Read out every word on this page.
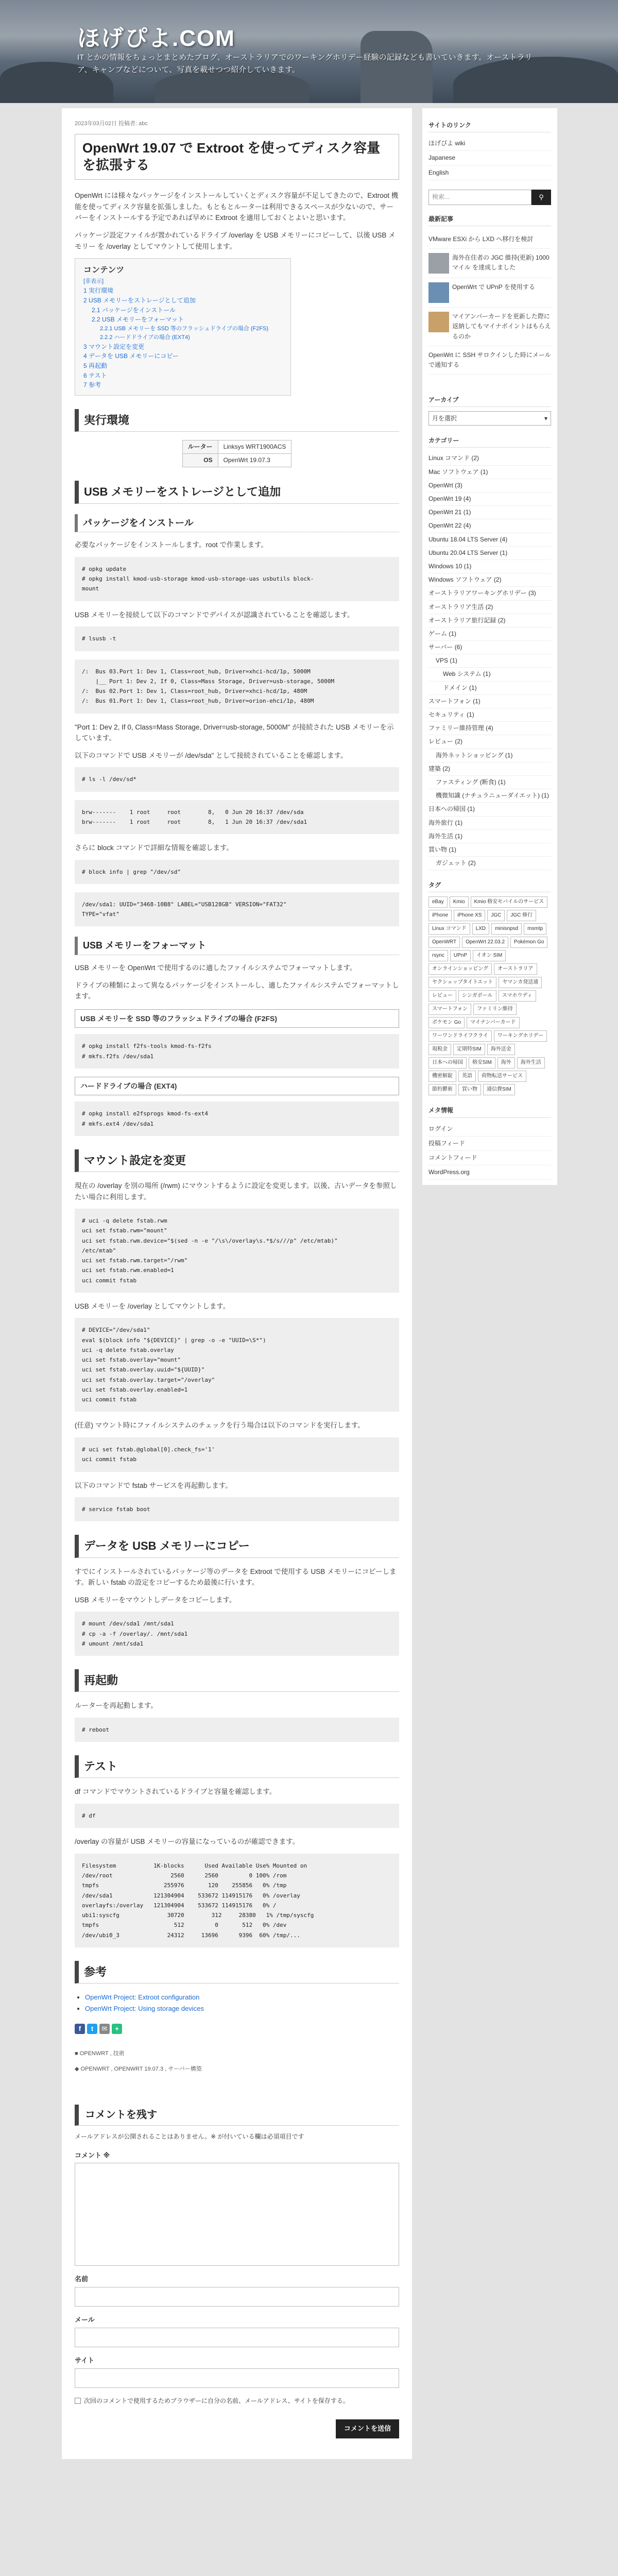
ほげぴよ.COM
IT とかの情報をちょっとまとめたブログ、オーストラリアでのワーキングホリデー経験の記録なども書いていきます。オーストラリア、キャンプなどについて、写真を載せつつ紹介していきます。
2023年03月02日 投稿者: abc
OpenWrt 19.07 で Extroot を使ってディスク容量を拡張する

OpenWrt には様々なパッケージをインストールしていくとディスク容量が不足してきたので、Extroot 機能を使ってディスク容量を拡張しました。もともとルーターは利用できるスペースが少ないので、サーバーをインストールする予定であれば早めに Extroot を適用しておくとよいと思います。

パッケージ設定ファイルが置かれているドライブ /overlay を USB メモリーにコピーして、以後 USB メモリー を /overlay としてマウントして使用します。

コンテンツ
[非表示]
1 実行環境
2 USB メモリーをストレージとして追加
2.1 パッケージをインストール
2.2 USB メモリーをフォーマット
2.2.1 USB メモリーを SSD 等のフラッシュドライブの場合 (F2FS)
2.2.2 ハードドライブの場合 (EXT4)
3 マウント設定を変更
4 データを USB メモリーにコピー
5 再起動
6 テスト
7 参考
実行環境
ルーター	Linksys WRT1900ACS
OS	OpenWrt 19.07.3
USB メモリーをストレージとして追加
パッケージをインストール

必要なパッケージをインストールします。root で作業します。

# opkg update
# opkg install kmod-usb-storage kmod-usb-storage-uas usbutils block-
mount

USB メモリーを接続して以下のコマンドでデバイスが認識されていることを確認します。

# lsusb -t
/:  Bus 03.Port 1: Dev 1, Class=root_hub, Driver=xhci-hcd/1p, 5000M
|__ Port 1: Dev 2, If 0, Class=Mass Storage, Driver=usb-storage, 5000M
/:  Bus 02.Port 1: Dev 1, Class=root_hub, Driver=xhci-hcd/1p, 480M
/:  Bus 01.Port 1: Dev 1, Class=root_hub, Driver=orion-ehci/1p, 480M

"Port 1: Dev 2, If 0, Class=Mass Storage, Driver=usb-storage, 5000M" が接続された USB メモリーを示しています。

以下のコマンドで USB メモリーが /dev/sda" として接続されていることを確認します。

# ls -l /dev/sd*
brw-------    1 root     root        8,   0 Jun 20 16:37 /dev/sda
brw-------    1 root     root        8,   1 Jun 20 16:37 /dev/sda1

さらに block コマンドで詳細な情報を確認します。

# block info | grep "/dev/sd"
/dev/sda1: UUID="3468-10B8" LABEL="USB128GB" VERSION="FAT32"
TYPE="vfat"
USB メモリーをフォーマット

USB メモリーを OpenWrt で使用するのに適したファイルシステムでフォーマットします。

ドライブの種類によって異なるパッケージをインストールし、適したファイルシステムでフォーマットします。

USB メモリーを SSD 等のフラッシュドライブの場合 (F2FS)
# opkg install f2fs-tools kmod-fs-f2fs
# mkfs.f2fs /dev/sda1
ハードドライブの場合 (EXT4)
# opkg install e2fsprogs kmod-fs-ext4
# mkfs.ext4 /dev/sda1
マウント設定を変更

現在の /overlay を別の場所 (/rwm) にマウントするように設定を変更します。以後、古いデータを参照したい場合に利用します。

# uci -q delete fstab.rwm
uci set fstab.rwm="mount"
uci set fstab.rwm.device="$(sed -n -e "/\s\/overlay\s.*$/s///p" /etc/mtab)"
/etc/mtab"
uci set fstab.rwm.target="/rwm"
uci set fstab.rwm.enabled=1
uci commit fstab

USB メモリーを /overlay としてマウントします。

# DEVICE="/dev/sda1"
eval $(block info "${DEVICE}" | grep -o -e "UUID=\S*")
uci -q delete fstab.overlay
uci set fstab.overlay="mount"
uci set fstab.overlay.uuid="${UUID}"
uci set fstab.overlay.target="/overlay"
uci set fstab.overlay.enabled=1
uci commit fstab

(任意) マウント時にファイルシステムのチェックを行う場合は以下のコマンドを実行します。

# uci set fstab.@global[0].check_fs='1'
uci commit fstab

以下のコマンドで fstab サービスを再起動します。

# service fstab boot
データを USB メモリーにコピー

すでにインストールされているパッケージ等のデータを Extroot で使用する USB メモリーにコピーします。新しい fstab の設定をコピーするため最後に行います。

USB メモリーをマウントしデータをコピーします。

# mount /dev/sda1 /mnt/sda1
# cp -a -f /overlay/. /mnt/sda1
# umount /mnt/sda1
再起動

ルーターを再起動します。

# reboot
テスト

df コマンドでマウントされているドライブと容量を確認します。

# df

/overlay の容量が USB メモリーの容量になっているのが確認できます。

Filesystem           1K-blocks      Used Available Use% Mounted on
/dev/root                 2560      2560         0 100% /rom
tmpfs                   255976       120    255856   0% /tmp
/dev/sda1            121304904    533672 114915176   0% /overlay
overlayfs:/overlay   121304904    533672 114915176   0% /
ubi1:syscfg              30720        312     28380   1% /tmp/syscfg
tmpfs                      512         0       512   0% /dev
/dev/ubi0_3              24312     13696      9396  60% /tmp/...
参考
• OpenWrt Project: Extroot configuration
• OpenWrt Project: Using storage devices
f	t	✉	+
■ OPENWRT , 技術
◆ OPENWRT , OPENWRT 19.07.3 , サーバー構築
コメントを残す

メールアドレスが公開されることはありません。※ が付いている欄は必須項目です

コメント ※
名前
メール
サイト
次回のコメントで使用するためブラウザーに自分の名前、メールアドレス、サイトを保存する。
コメントを送信
サイトのリンク
ほげぴよ wiki
Japanese
English
検索...	⚲
最新記事
VMware ESXi から LXD へ移行を検討
海外在住者の JGC 維持(更新) 1000 マイル を達成しました
OpenWrt で UPnP を使用する
マイアンパーカードを更新した際に返納してもマイナポイントはもらえるのか
OpenWrt に SSH サロクインした時にメールで通知する
アーカイブ
月を選択	▾
カテゴリー
Linux コマンド (2)
Mac ソフトウェア (1)
OpenWrt (3)
OpenWrt 19 (4)
OpenWrt 21 (1)
OpenWrt 22 (4)
Ubuntu 18.04 LTS Server (4)
Ubuntu 20.04 LTS Server (1)
Windows 10 (1)
Windows ソフトウェア (2)
オーストラリアワーキングホリデー (3)
オーストラリア生活 (2)
オーストラリア旅行記録 (2)
ゲーム (1)
サーバー (6)
VPS (1)
Web システム (1)
ドメイン (1)
スマートフォン (1)
セキュリティ (1)
ファミリー維持管理 (4)
レビュー (2)
海外ネットショッピング (1)
建築 (2)
ファスティング (断食) (1)
機微知識 (ナチュラニューダイエット) (1)
日本への帰国 (1)
海外旅行 (1)
海外生活 (1)
買い物 (1)
ガジェット (2)
タグ
eBay	Kmio	Kmio 格安モバイルのサービス
iPhone	iPhone XS	JGC	JGC 修行
Linux コマンド	LXD	minisnpsd	msmtp
OpenWRT	OpenWrt 22.03.2	Pokémon Go
rsync	UPnP	イオン SIM
オンラインショッピング	オーストラリア
ヤクシェップタイトエット	ヤマンカ発送通
レビュー	シンガポール	スマホウディ
スマートフォン	ファミリン維持
ポケモン Go	マイナンバーカード
ワーワンドライフクライ	ワーキングホリデー
現税金	定期特SIM	海外送金
日本への帰国	格安SIM	海外	海外生活
機密解錠	英語	荷物転送サービス
節約鬱術	買い物	通信費SIM
メタ情報
ログイン
投稿フィード
コメントフィード
WordPress.org
